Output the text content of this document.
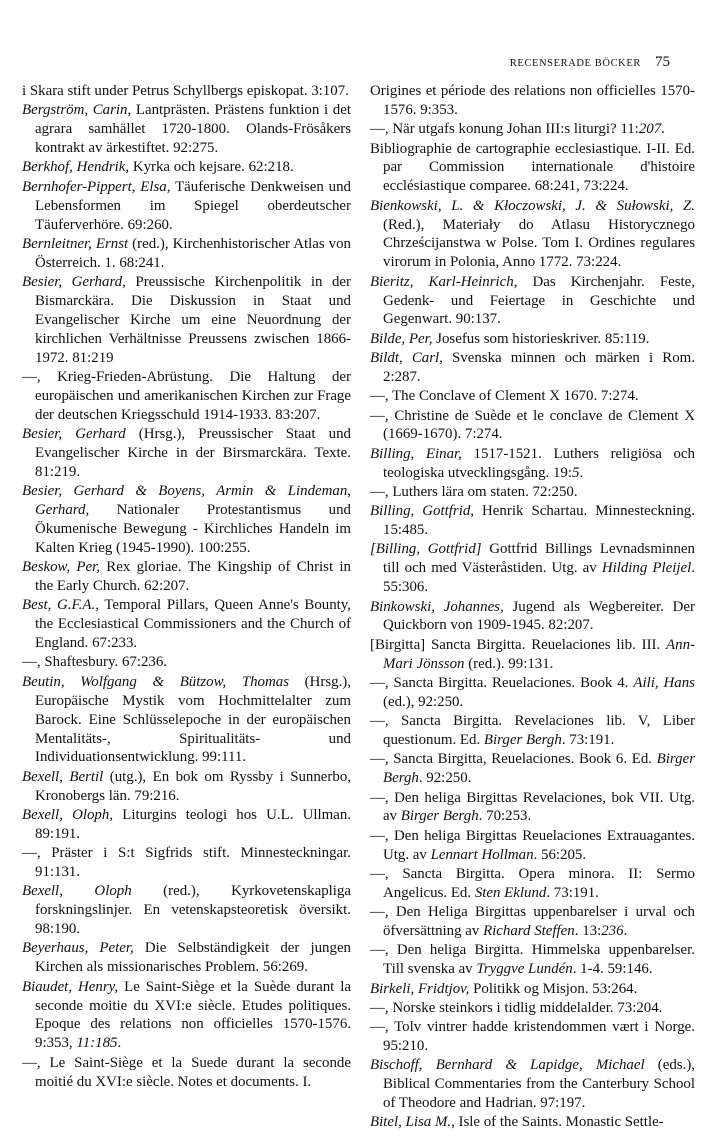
RECENSERADE BÖCKER 75

i Skara stift under Petrus Schyllbergs episkopat. 3:107.

Bergström, Carin, Lantprästen. Prästens funktion i det agrara samhället 1720-1800. Olands-Frösåkers kontrakt av ärkestiftet. 92:275.

Berkhof, Hendrik, Kyrka och kejsare. 62:218.

Bernhofer-Pippert, Elsa, Täuferische Denkweisen und Lebensformen im Spiegel oberdeutscher Täuferverhöre. 69:260.

Bernleitner, Ernst (red.), Kirchenhistorischer Atlas von Österreich. 1. 68:241.

Besier, Gerhard, Preussische Kirchenpolitik in der Bismarckära. Die Diskussion in Staat und Evangelischer Kirche um eine Neuordnung der kirchlichen Verhältnisse Preussens zwischen 1866-1972. 81:219

—, Krieg-Frieden-Abrüstung. Die Haltung der europäischen und amerikanischen Kirchen zur Frage der deutschen Kriegsschuld 1914-1933. 83:207.

Besier, Gerhard (Hrsg.), Preussischer Staat und Evangelischer Kirche in der Birsmarckära. Texte. 81:219.

Besier, Gerhard & Boyens, Armin & Lindeman, Gerhard, Nationaler Protestantismus und Ökumenische Bewegung - Kirchliches Handeln im Kalten Krieg (1945-1990). 100:255.

Beskow, Per, Rex gloriae. The Kingship of Christ in the Early Church. 62:207.

Best, G.F.A., Temporal Pillars, Queen Anne's Bounty, the Ecclesiastical Commissioners and the Church of England. 67:233.

—, Shaftesbury. 67:236.

Beutin, Wolfgang & Bützow, Thomas (Hrsg.), Europäische Mystik vom Hochmittelalter zum Barock. Eine Schlüsselepoche in der europäischen Mentalitäts-, Spiritualitäts- und Individuationsentwicklung. 99:111.

Bexell, Bertil (utg.), En bok om Ryssby i Sunnerbo, Kronobergs län. 79:216.

Bexell, Oloph, Liturgins teologi hos U.L. Ullman. 89:191.

—, Präster i S:t Sigfrids stift. Minnesteckningar. 91:131.

Bexell, Oloph (red.), Kyrkovetenskapliga forskningslinjer. En vetenskapsteoretisk översikt. 98:190.

Beyerhaus, Peter, Die Selbständigkeit der jungen Kirchen als missionarisches Problem. 56:269.

Biaudet, Henry, Le Saint-Siège et la Suède durant la seconde moitie du XVI:e siècle. Etudes politiques. Epoque des relations non officielles 1570-1576. 9:353, 11:185.

—, Le Saint-Siège et la Suede durant la seconde moitié du XVI:e siècle. Notes et documents. I.

Origines et période des relations non officielles 1570-1576. 9:353.

—, När utgafs konung Johan III:s liturgi? 11:207.

Bibliographie de cartographie ecclesiastique. I-II. Ed. par Commission internationale d'histoire ecclésiastique comparee. 68:241, 73:224.

Bienkowski, L. & Kłoczowski, J. & Sułowski, Z. (Red.), Materiały do Atlasu Historycznego Chrześcijanstwa w Polse. Tom I. Ordines regulares virorum in Polonia, Anno 1772. 73:224.

Bieritz, Karl-Heinrich, Das Kirchenjahr. Feste, Gedenk- und Feiertage in Geschichte und Gegenwart. 90:137.

Bilde, Per, Josefus som historieskriver. 85:119.

Bildt, Carl, Svenska minnen och märken i Rom. 2:287.

—, The Conclave of Clement X 1670. 7:274.

—, Christine de Suède et le conclave de Clement X (1669-1670). 7:274.

Billing, Einar, 1517-1521. Luthers religiösa och teologiska utvecklingsgång. 19:5.

—, Luthers lära om staten. 72:250.

Billing, Gottfrid, Henrik Schartau. Minnesteckning. 15:485.

[Billing, Gottfrid] Gottfrid Billings Levnadsminnen till och med Västeråstiden. Utg. av Hilding Pleijel. 55:306.

Binkowski, Johannes, Jugend als Wegbereiter. Der Quickborn von 1909-1945. 82:207.

[Birgitta] Sancta Birgitta. Reuelaciones lib. III. Ann-Mari Jönsson (red.). 99:131.

—, Sancta Birgitta. Reuelaciones. Book 4. Aili, Hans (ed.), 92:250.

—, Sancta Birgitta. Revelaciones lib. V, Liber questionum. Ed. Birger Bergh. 73:191.

—, Sancta Birgitta, Reuelaciones. Book 6. Ed. Birger Bergh. 92:250.

—, Den heliga Birgittas Revelaciones, bok VII. Utg. av Birger Bergh. 70:253.

—, Den heliga Birgittas Reuelaciones Extrauagantes. Utg. av Lennart Hollman. 56:205.

—, Sancta Birgitta. Opera minora. II: Sermo Angelicus. Ed. Sten Eklund. 73:191.

—, Den Heliga Birgittas uppenbarelser i urval och öfversättning av Richard Steffen. 13:236.

—, Den heliga Birgitta. Himmelska uppenbarelser. Till svenska av Tryggve Lundén. 1-4. 59:146.

Birkeli, Fridtjov, Politikk og Misjon. 53:264.

—, Norske steinkors i tidlig middelalder. 73:204.

—, Tolv vintrer hadde kristendommen vært i Norge. 95:210.

Bischoff, Bernhard & Lapidge, Michael (eds.), Biblical Commentaries from the Canterbury School of Theodore and Hadrian. 97:197.

Bitel, Lisa M., Isle of the Saints. Monastic Settle-
